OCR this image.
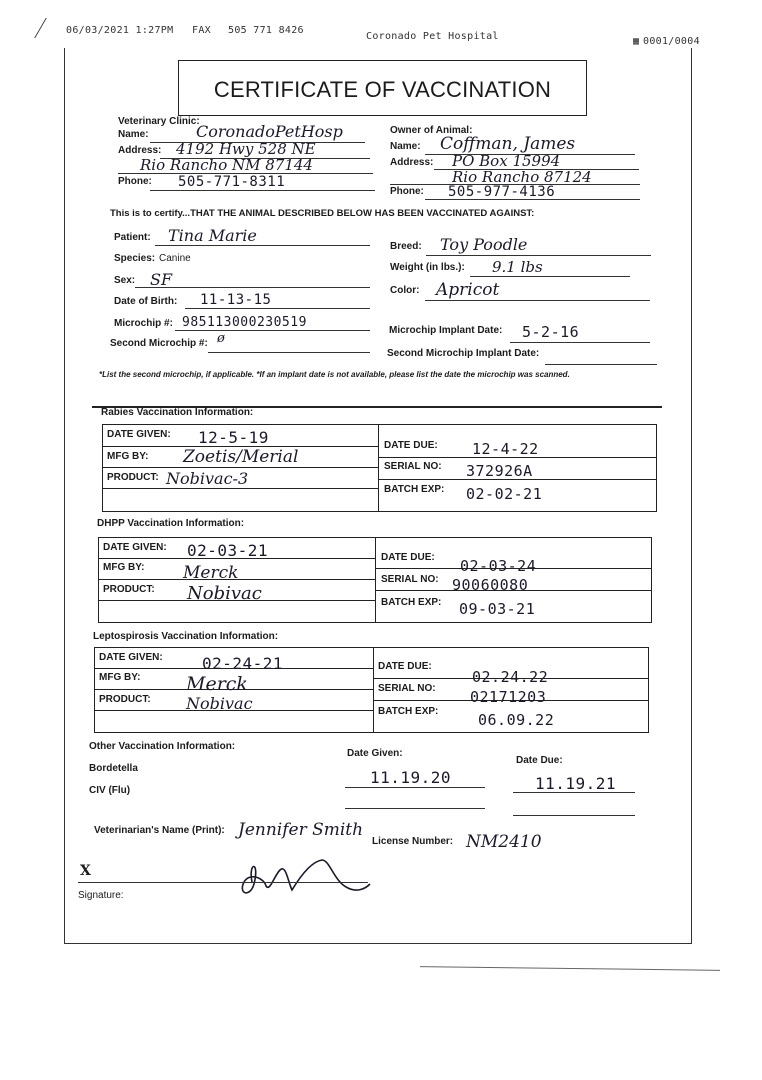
06/03/2021 1:27PM FAX 505 771 8426
Coronado Pet Hospital	▦ 0001/0004
CERTIFICATE OF VACCINATION
Veterinary Clinic:
Name:	CoronadoPetHosp
Address: 4192 Hwy 528 NE
Rio Rancho NM 87144
Phone: 505-771-8311
Owner of Animal:
Name: Coffman, James
Address: PO Box 15994
Rio Rancho 87124
Phone: 505-977-4136
This is to certify...THAT THE ANIMAL DESCRIBED BELOW HAS BEEN VACCINATED AGAINST:
Patient: Tina Marie
Species: Canine
Sex: SF
Date of Birth: 11-13-15
Microchip #: 985113000230519
Second Microchip #: ø
Breed: Toy Poodle
Weight (in lbs.): 9.1 lbs
Color: Apricot
Microchip Implant Date: 5-2-16
Second Microchip Implant Date:
*List the second microchip, if applicable. *If an implant date is not available, please list the date the microchip was scanned.
Rabies Vaccination Information:
DATE GIVEN: 12-5-19
MFG BY: Zoetis/Merial
PRODUCT: Nobivac-3
DATE DUE: 12-4-22
SERIAL NO: 372926A
BATCH EXP: 02-02-21
DHPP Vaccination Information:
DATE GIVEN: 02-03-21
MFG BY: Merck
PRODUCT: Nobivac
DATE DUE: 02-03-24
SERIAL NO: 90060080
BATCH EXP: 09-03-21
Leptospirosis Vaccination Information:
DATE GIVEN: 02-24-21
MFG BY: Merck
PRODUCT: Nobivac
DATE DUE:
02.24.22
SERIAL NO: 02171203
BATCH EXP:	06.09.22
Other Vaccination Information:
Date Given:
Date Due:
Bordetella	11.19.20	11.19.21
CIV (Flu)
Veterinarian's Name (Print): Jennifer Smith
License Number: NM2410
X
Signature:
